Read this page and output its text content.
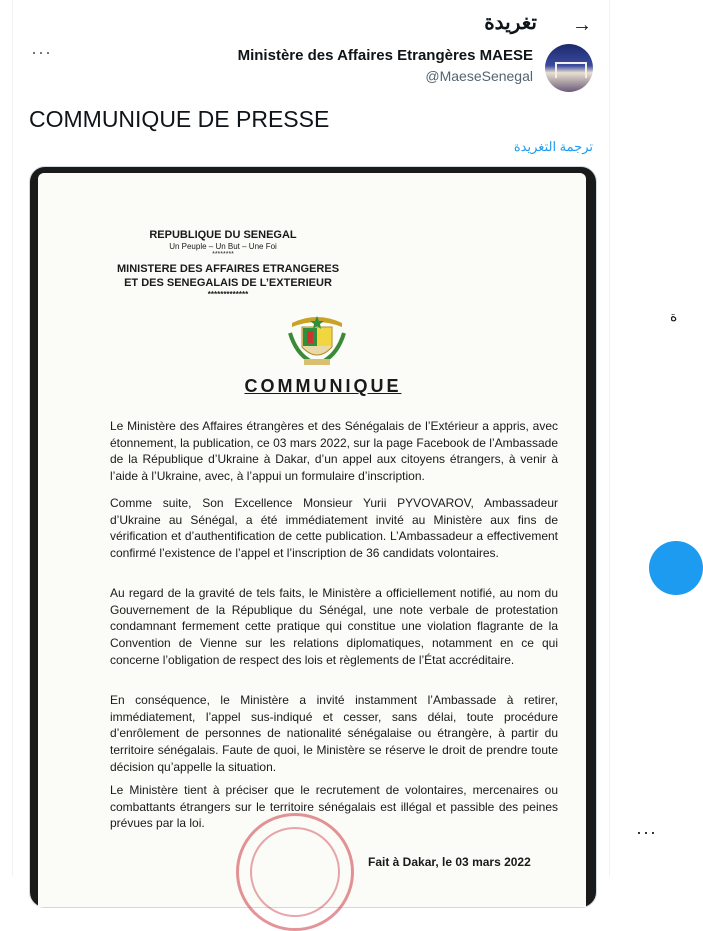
→
تغريدة
Ministère des Affaires Etrangères MAESE
@MaeseSenegal
···
COMMUNIQUE DE PRESSE
ترجمة التغريدة
REPUBLIQUE DU SENEGAL
Un Peuple – Un But – Une Foi
********
MINISTERE DES AFFAIRES ETRANGERES
ET DES SENEGALAIS DE L’EXTERIEUR
*************
COMMUNIQUE
Le Ministère des Affaires étrangères et des Sénégalais de l’Extérieur a appris, avec étonnement, la publication, ce 03 mars 2022, sur la page Facebook de l’Ambassade de la République d’Ukraine à Dakar, d’un appel aux citoyens étrangers, à venir à l’aide à l’Ukraine, avec, à l’appui un formulaire d’inscription.
Comme suite, Son Excellence Monsieur Yurii PYVOVAROV, Ambassadeur d’Ukraine au Sénégal, a été immédiatement invité au Ministère aux fins de vérification et d’authentification de cette publication. L’Ambassadeur a effectivement confirmé l’existence de l’appel et l’inscription de 36 candidats volontaires.
Au regard de la gravité de tels faits, le Ministère a officiellement notifié, au nom du Gouvernement de la République du Sénégal, une note verbale de protestation condamnant fermement cette pratique qui constitue une violation flagrante de la Convention de Vienne sur les relations diplomatiques, notamment en ce qui concerne l’obligation de respect des lois et règlements de l’État accréditaire.
En conséquence, le Ministère a invité instamment l’Ambassade à retirer, immédiatement, l’appel sus-indiqué et cesser, sans délai, toute procédure d’enrôlement de personnes de nationalité sénégalaise ou étrangère, à partir du territoire sénégalais. Faute de quoi, le Ministère se réserve le droit de prendre toute décision qu’appelle la situation.
Le Ministère tient à préciser que le recrutement de volontaires, mercenaires ou combattants étrangers sur le territoire sénégalais est illégal et passible des peines prévues par la loi.
Fait à Dakar, le 03 mars 2022
ة
···
